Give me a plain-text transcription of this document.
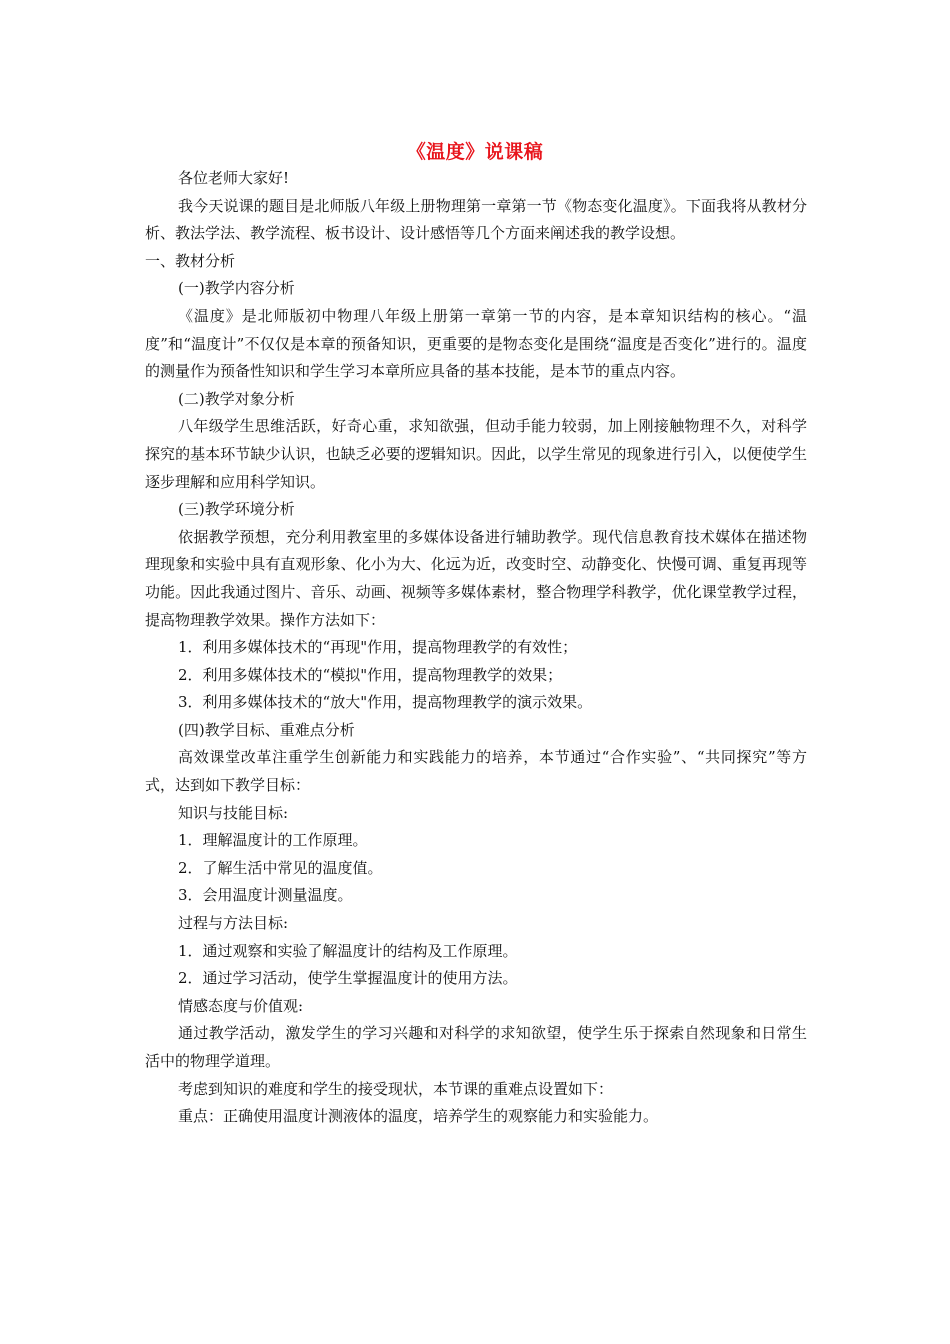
《温度》说课稿

各位老师大家好!

我今天说课的题目是北师版八年级上册物理第一章第一节《物态变化温度》。下面我将从教材分析、教法学法、教学流程、板书设计、设计感悟等几个方面来阐述我的教学设想。

一、教材分析

(一)教学内容分析

《温度》是北师版初中物理八年级上册第一章第一节的内容，是本章知识结构的核心。“温度”和“温度计”不仅仅是本章的预备知识，更重要的是物态变化是围绕“温度是否变化”进行的。温度的测量作为预备性知识和学生学习本章所应具备的基本技能，是本节的重点内容。

(二)教学对象分析

八年级学生思维活跃，好奇心重，求知欲强，但动手能力较弱，加上刚接触物理不久，对科学探究的基本环节缺少认识，也缺乏必要的逻辑知识。因此，以学生常见的现象进行引入，以便使学生逐步理解和应用科学知识。

(三)教学环境分析

依据教学预想，充分利用教室里的多媒体设备进行辅助教学。现代信息教育技术媒体在描述物理现象和实验中具有直观形象、化小为大、化远为近，改变时空、动静变化、快慢可调、重复再现等功能。因此我通过图片、音乐、动画、视频等多媒体素材，整合物理学科教学，优化课堂教学过程，提高物理教学效果。操作方法如下：

1．利用多媒体技术的“再现"作用，提高物理教学的有效性；

2．利用多媒体技术的“模拟"作用，提高物理教学的效果；

3．利用多媒体技术的“放大"作用，提高物理教学的演示效果。

(四)教学目标、重难点分析

高效课堂改革注重学生创新能力和实践能力的培养，本节通过“合作实验”、“共同探究”等方式，达到如下教学目标：

知识与技能目标:

1．理解温度计的工作原理。

2．了解生活中常见的温度值。

3．会用温度计测量温度。

过程与方法目标:

1．通过观察和实验了解温度计的结构及工作原理。

2．通过学习活动，使学生掌握温度计的使用方法。

情感态度与价值观:

通过教学活动，激发学生的学习兴趣和对科学的求知欲望，使学生乐于探索自然现象和日常生活中的物理学道理。

考虑到知识的难度和学生的接受现状，本节课的重难点设置如下：

重点：正确使用温度计测液体的温度，培养学生的观察能力和实验能力。
